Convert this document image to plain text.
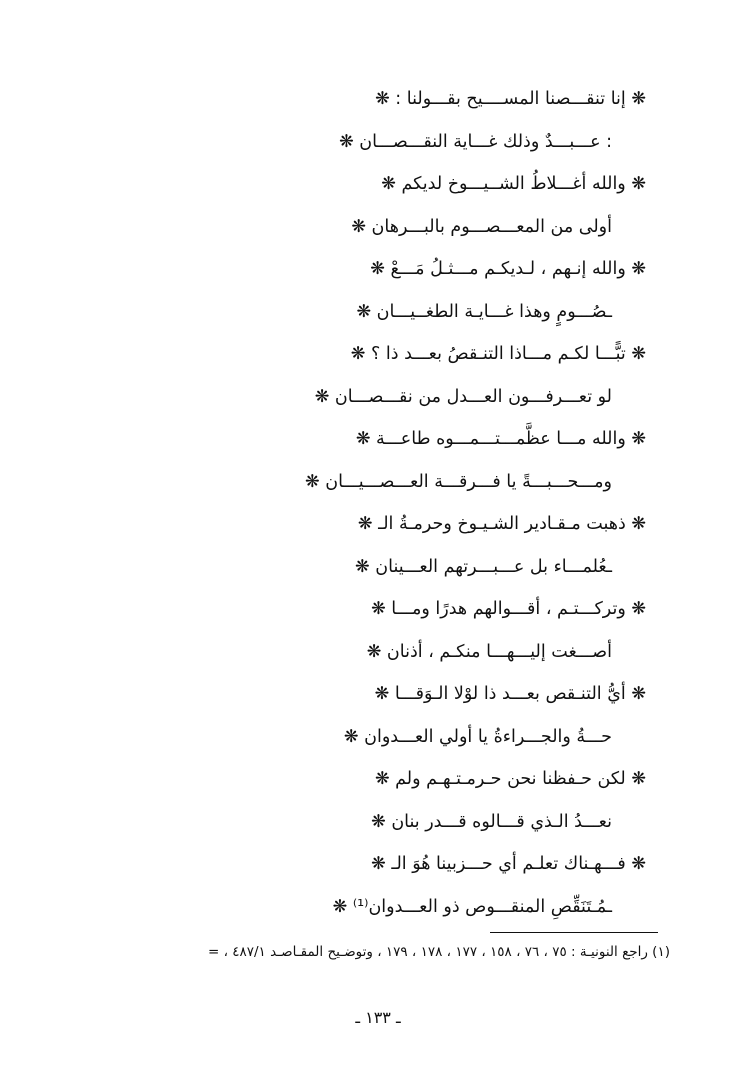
❋ إنا تنقـــصنا المســــيح بقـــولنا : ❋
: عـــبـــدٌ وذلك غـــاية النقـــصـــان ❋
❋ والله أغـــلاطُ الشــيـــوخ لديكم ❋
أولى من المعـــصـــوم بالبـــرهان ❋
❋ والله إنـهم ، لـديكـم مـــثـلُ مَـــعْ ❋
ـصُـــومٍ وهذا غـــايـة الطغــيـــان ❋
❋ تبًّـــا لكـم مـــاذا التنـقصُ بعـــد ذا ؟ ❋
لو تعـــرفـــون العـــدل من نقـــصـــان ❋
❋ والله مـــا عظَّمـــتـــمـــوه طاعـــة ❋
ومـــحـــبـــةً يا فـــرقـــة العـــصـــيـــان ❋
❋ ذهبت مـقـادير الشـيـوخ وحرمـةُ الـ ❋
ـعُلمـــاء بل عـــبـــرتهم العـــينان ❋
❋ وتركـــتـم ، أقـــوالهم هدرًا ومـــا ❋
أصـــغت إليـــهـــا منكـم ، أذنان ❋
❋ أيُّ التنـقص بعـــد ذا لوْلا الـوَقـــا ❋
حـــةُ والجـــراءةُ يا أولي العـــدوان ❋
❋ لكن حـفظنا نحن حـرمـتـهـم ولم ❋
نعـــدُ الـذي قـــالوه قـــدر بنان ❋
❋ فـــهـناك تعلـم أي حـــزبينا هُوَ الـ ❋
ـمُـتَنَقِّصِ المنقـــوص ذو العـــدوان⁽¹⁾ ❋
(١) راجع النونيـة : ٧٥ ، ٧٦ ، ١٥٨ ، ١٧٧ ، ١٧٨ ، ١٧٩ ، وتوضـيح المقـاصـد ٤٨٧/١ ، =
ـ ١٣٣ ـ
